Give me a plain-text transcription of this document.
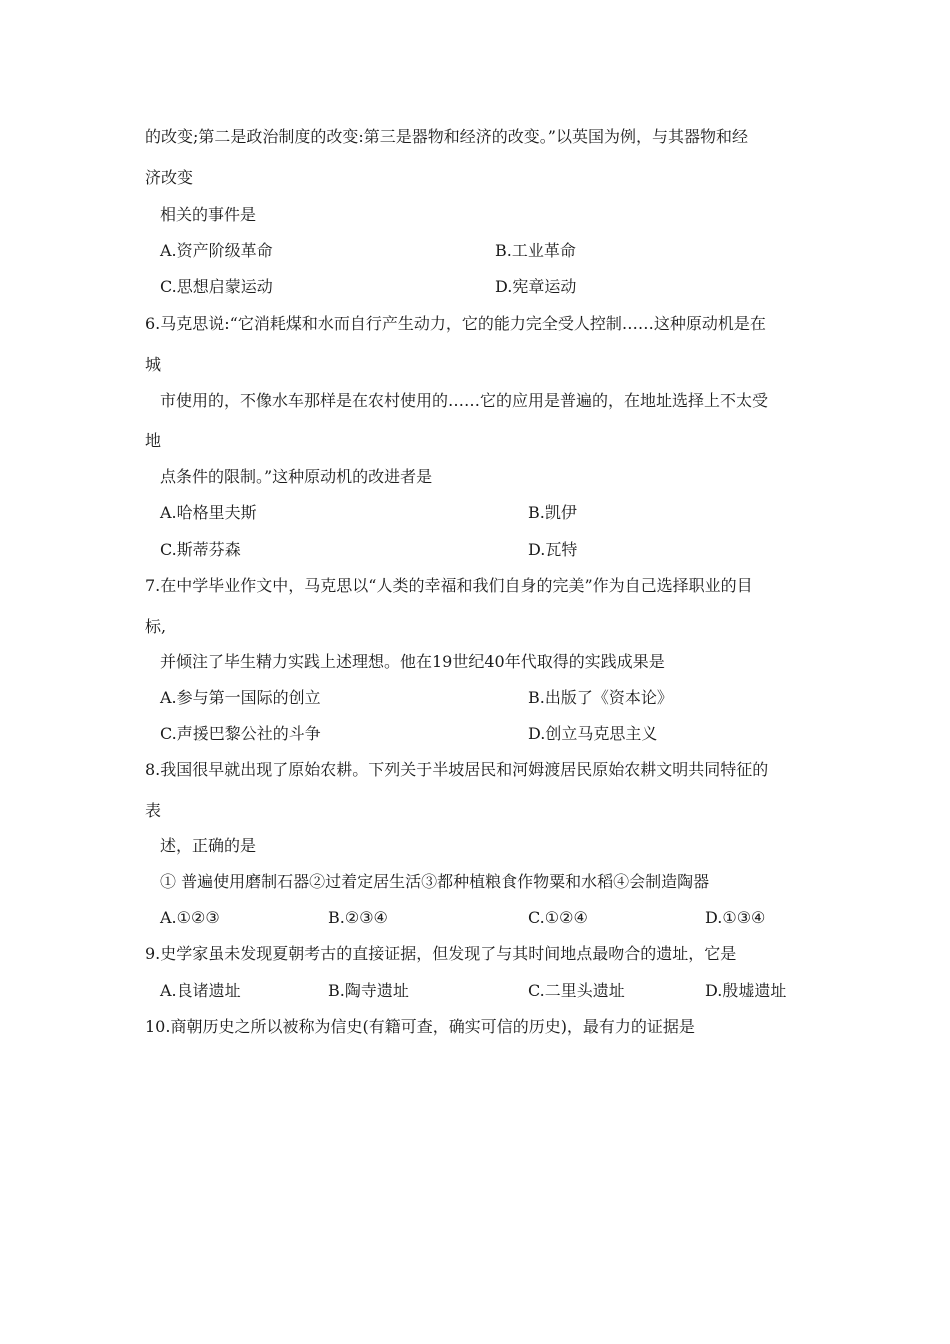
的改变;第二是政治制度的改变:第三是器物和经济的改变。”以英国为例，与其器物和经
济改变
相关的事件是
A.资产阶级革命	B.工业革命
C.思想启蒙运动	D.宪章运动
6.马克思说:“它消耗煤和水而自行产生动力，它的能力完全受人控制……这种原动机是在
城
市使用的，不像水车那样是在农村使用的……它的应用是普遍的，在地址选择上不太受
地
点条件的限制。”这种原动机的改进者是
A.哈格里夫斯	B.凯伊
C.斯蒂芬森	D.瓦特
7.在中学毕业作文中，马克思以“人类的幸福和我们自身的完美”作为自己选择职业的目
标,
并倾注了毕生精力实践上述理想。他在19世纪40年代取得的实践成果是
A.参与第一国际的创立	B.出版了《资本论》
C.声援巴黎公社的斗争	D.创立马克思主义
8.我国很早就出现了原始农耕。下列关于半坡居民和河姆渡居民原始农耕文明共同特征的
表
述，正确的是
① 普遍使用磨制石器②过着定居生活③都种植粮食作物粟和水稻④会制造陶器
A.①②③	B.②③④	C.①②④	D.①③④
9.史学家虽未发现夏朝考古的直接证据，但发现了与其时间地点最吻合的遗址，它是
A.良诸遗址	B.陶寺遗址	C.二里头遗址	D.殷墟遗址
10.商朝历史之所以被称为信史(有籍可查，确实可信的历史)，最有力的证据是
